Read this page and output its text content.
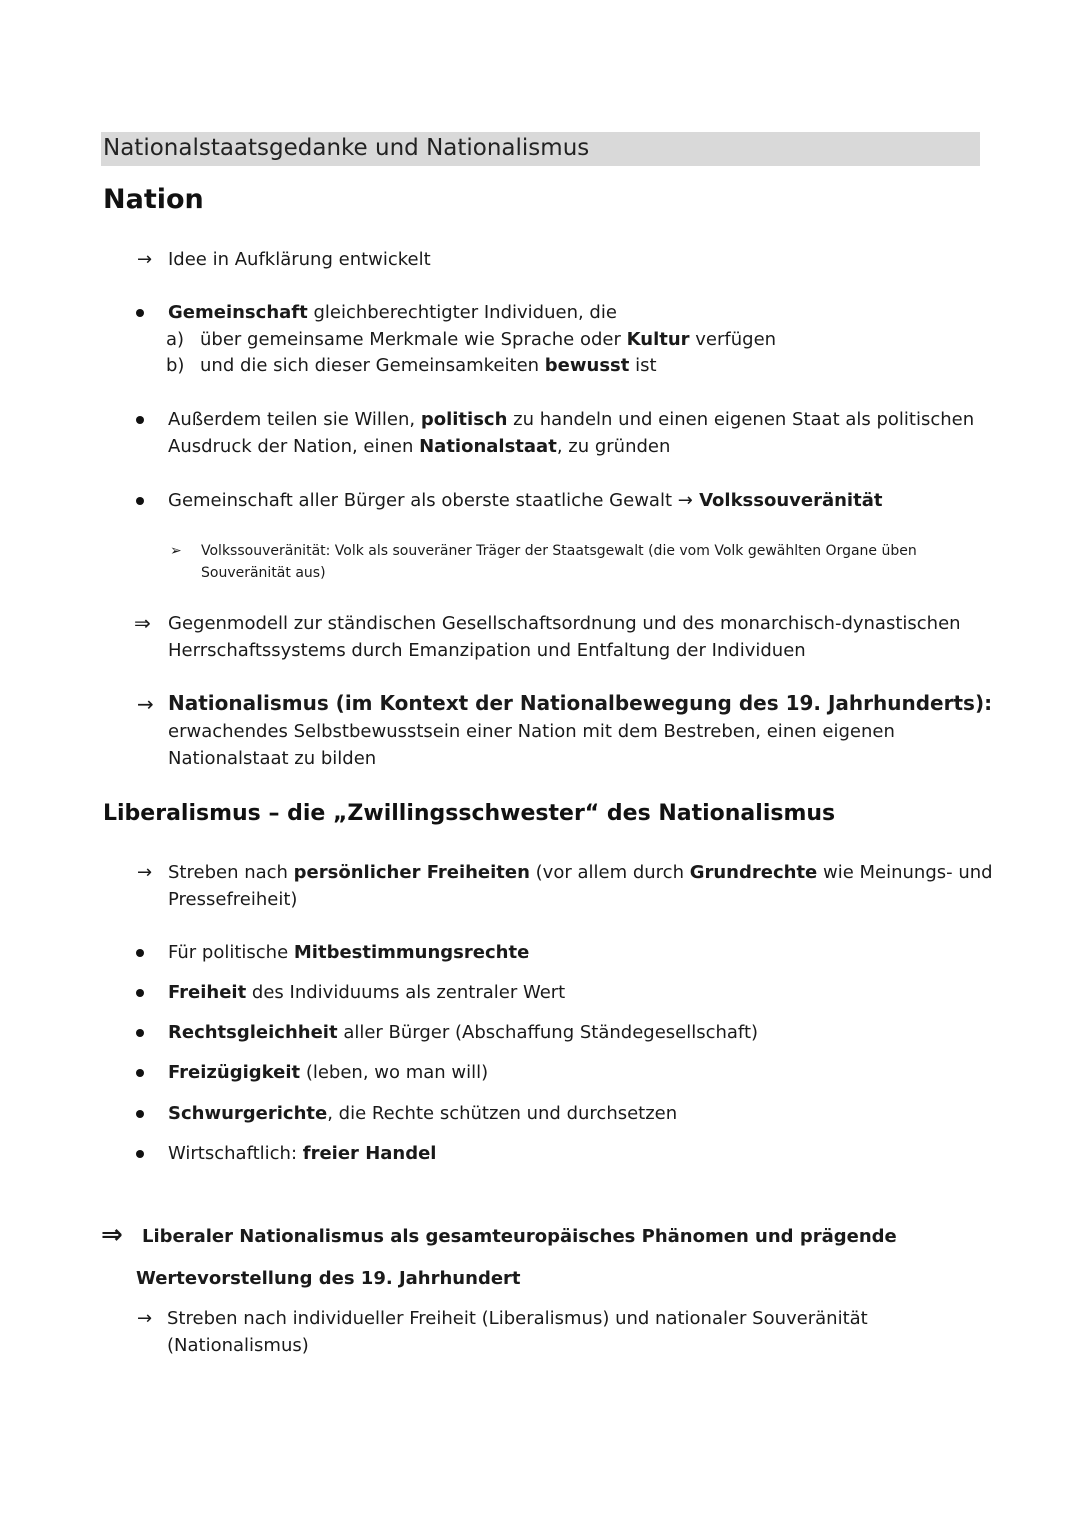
Nationalstaatsgedanke und Nationalismus
Nation
→ Idee in Aufklärung entwickelt
Gemeinschaft gleichberechtigter Individuen, die
a) über gemeinsame Merkmale wie Sprache oder Kultur verfügen
b) und die sich dieser Gemeinsamkeiten bewusst ist
Außerdem teilen sie Willen, politisch zu handeln und einen eigenen Staat als politischen
Ausdruck der Nation, einen Nationalstaat, zu gründen
Gemeinschaft aller Bürger als oberste staatliche Gewalt → Volkssouveränität
➢ Volkssouveränität: Volk als souveräner Träger der Staatsgewalt (die vom Volk gewählten Organe üben
Souveränität aus)
⇒ Gegenmodell zur ständischen Gesellschaftsordnung und des monarchisch-dynastischen
Herrschaftssystems durch Emanzipation und Entfaltung der Individuen
→ Nationalismus (im Kontext der Nationalbewegung des 19. Jahrhunderts):
erwachendes Selbstbewusstsein einer Nation mit dem Bestreben, einen eigenen
Nationalstaat zu bilden
Liberalismus – die „Zwillingsschwester“ des Nationalismus
→ Streben nach persönlicher Freiheiten (vor allem durch Grundrechte wie Meinungs- und
Pressefreiheit)
Für politische Mitbestimmungsrechte
Freiheit des Individuums als zentraler Wert
Rechtsgleichheit aller Bürger (Abschaffung Ständegesellschaft)
Freizügigkeit (leben, wo man will)
Schwurgerichte, die Rechte schützen und durchsetzen
Wirtschaftlich: freier Handel
⇒ Liberaler Nationalismus als gesamteuropäisches Phänomen und prägende
Wertevorstellung des 19. Jahrhundert
→ Streben nach individueller Freiheit (Liberalismus) und nationaler Souveränität
(Nationalismus)
